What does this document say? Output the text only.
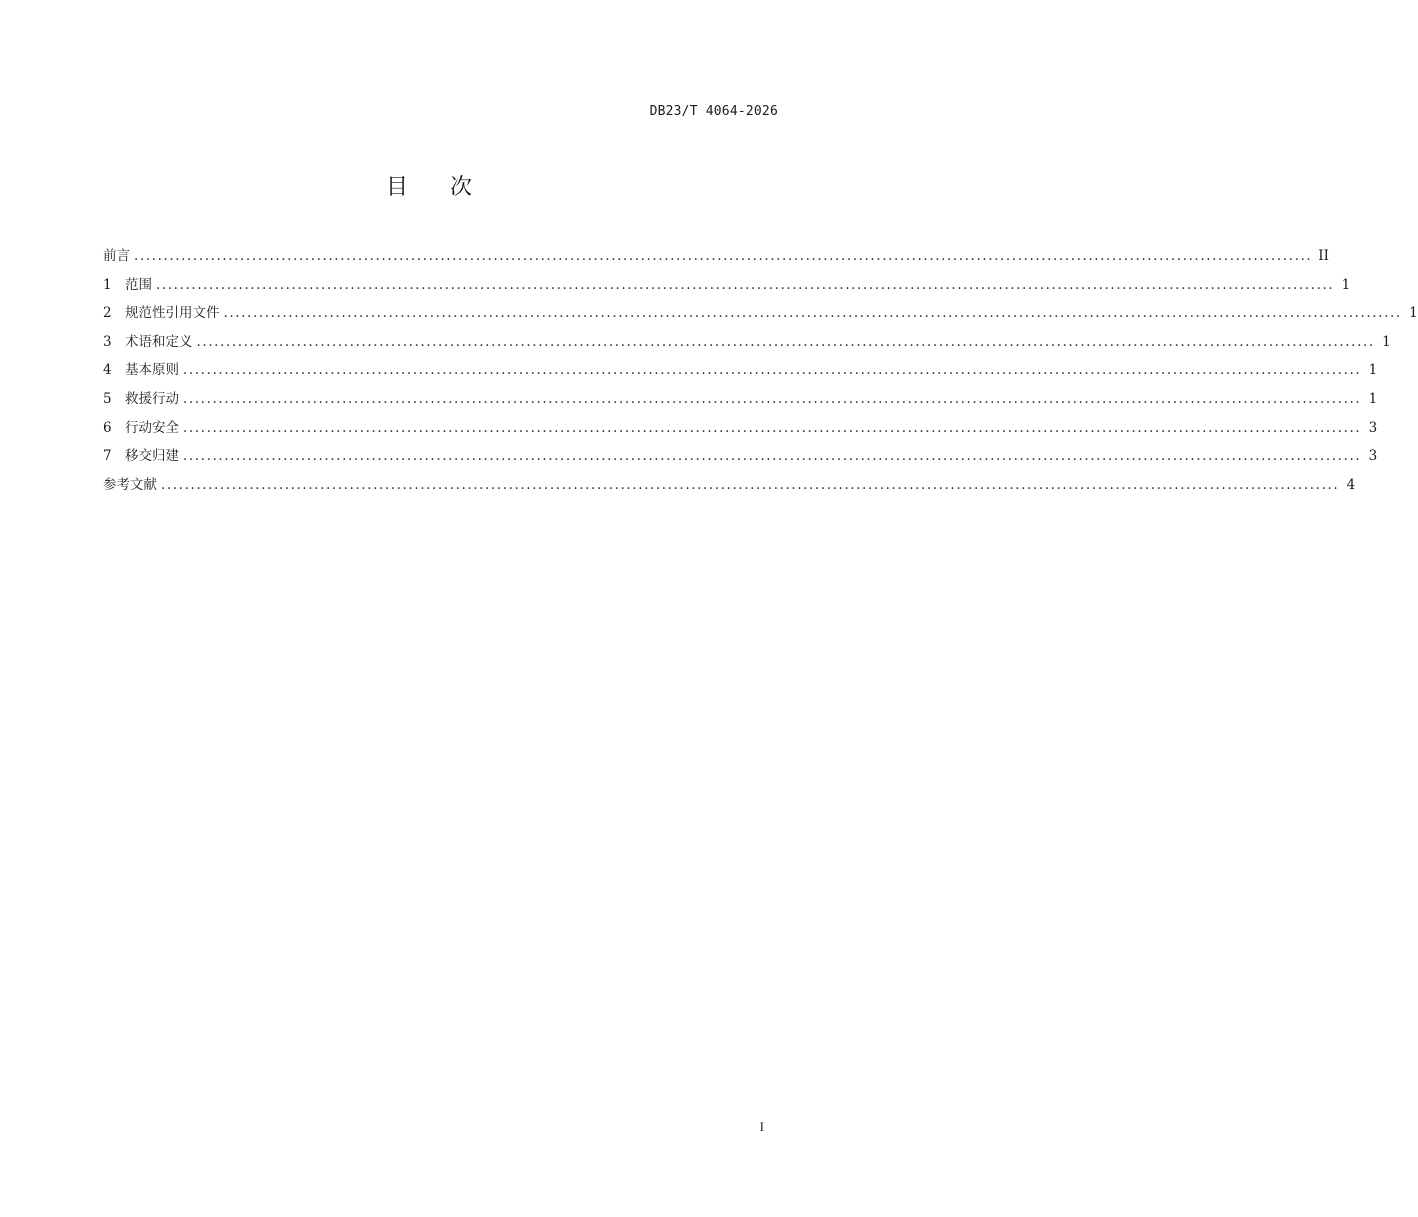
DB23/T 4064-2026
目 次
前言 ........................................................................................................................................................................................................ II
1 范围 ........................................................................................................................................................................................................ 1
2 规范性引用文件 ........................................................................................................................................................................................................ 1
3 术语和定义 ........................................................................................................................................................................................................ 1
4 基本原则 ........................................................................................................................................................................................................ 1
5 救援行动 ........................................................................................................................................................................................................ 1
6 行动安全 ........................................................................................................................................................................................................ 3
7 移交归建 ........................................................................................................................................................................................................ 3
参考文献 ........................................................................................................................................................................................................ 4
I
